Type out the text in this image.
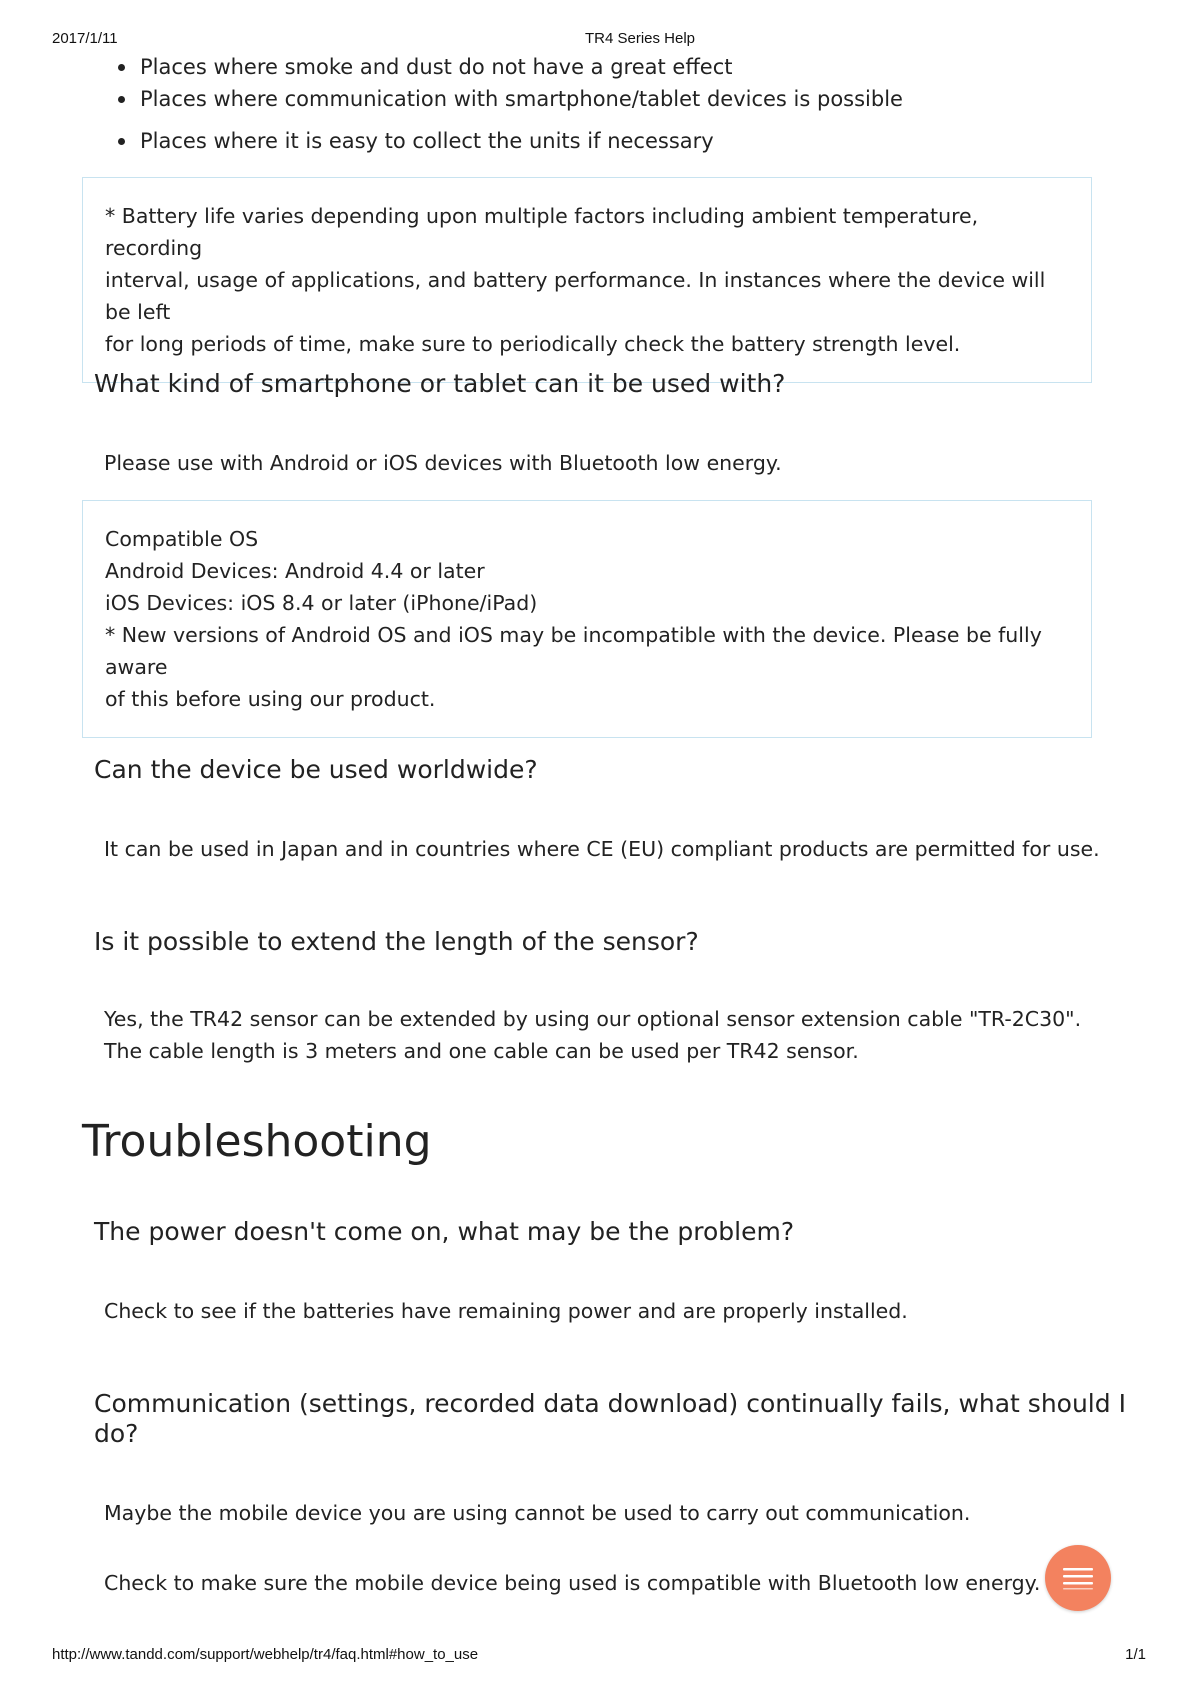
2017/1/11	TR4 Series Help
Places where smoke and dust do not have a great effect
Places where communication with smartphone/tablet devices is possible
Places where it is easy to collect the units if necessary
* Battery life varies depending upon multiple factors including ambient temperature, recording
interval, usage of applications, and battery performance. In instances where the device will be left
for long periods of time, make sure to periodically check the battery strength level.
What kind of smartphone or tablet can it be used with?
Please use with Android or iOS devices with Bluetooth low energy.
Compatible OS
Android Devices: Android 4.4 or later
iOS Devices: iOS 8.4 or later (iPhone/iPad)
* New versions of Android OS and iOS may be incompatible with the device. Please be fully aware
of this before using our product.
Can the device be used worldwide?
It can be used in Japan and in countries where CE (EU) compliant products are permitted for use.
Is it possible to extend the length of the sensor?
Yes, the TR42 sensor can be extended by using our optional sensor extension cable "TR-2C30".
The cable length is 3 meters and one cable can be used per TR42 sensor.
Troubleshooting
The power doesn't come on, what may be the problem?
Check to see if the batteries have remaining power and are properly installed.
Communication (settings, recorded data download) continually fails, what should I
do?
Maybe the mobile device you are using cannot be used to carry out communication.
Check to make sure the mobile device being used is compatible with Bluetooth low energy.
http://www.tandd.com/support/webhelp/tr4/faq.html#how_to_use	1/1
